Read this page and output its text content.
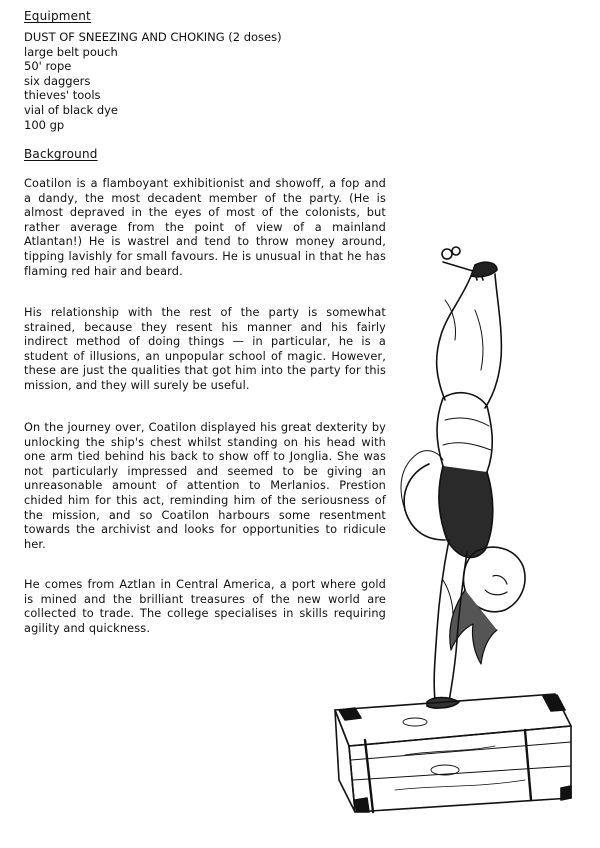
Equipment
DUST OF SNEEZING AND CHOKING (2 doses)
large belt pouch
50' rope
six daggers
thieves' tools
vial of black dye
100 gp
Background

Coatilon is a flamboyant exhibitionist and showoff, a fop and a dandy, the most decadent member of the party. (He is almost depraved in the eyes of most of the colonists, but rather average from the point of view of a mainland Atlantan!) He is wastrel and tend to throw money around, tipping lavishly for small favours. He is unusual in that he has flaming red hair and beard.

His relationship with the rest of the party is somewhat strained, because they resent his manner and his fairly indirect method of doing things — in particular, he is a student of illusions, an unpopular school of magic. However, these are just the qualities that got him into the party for this mission, and they will surely be useful.

On the journey over, Coatilon displayed his great dexterity by unlocking the ship's chest whilst standing on his head with one arm tied behind his back to show off to Jonglia. She was not particularly impressed and seemed to be giving an unreasonable amount of attention to Merlanios. Prestion chided him for this act, reminding him of the seriousness of the mission, and so Coatilon harbours some resentment towards the archivist and looks for opportunities to ridicule her.

He comes from Aztlan in Central America, a port where gold is mined and the brilliant treasures of the new world are collected to trade. The college specialises in skills requiring agility and quickness.
